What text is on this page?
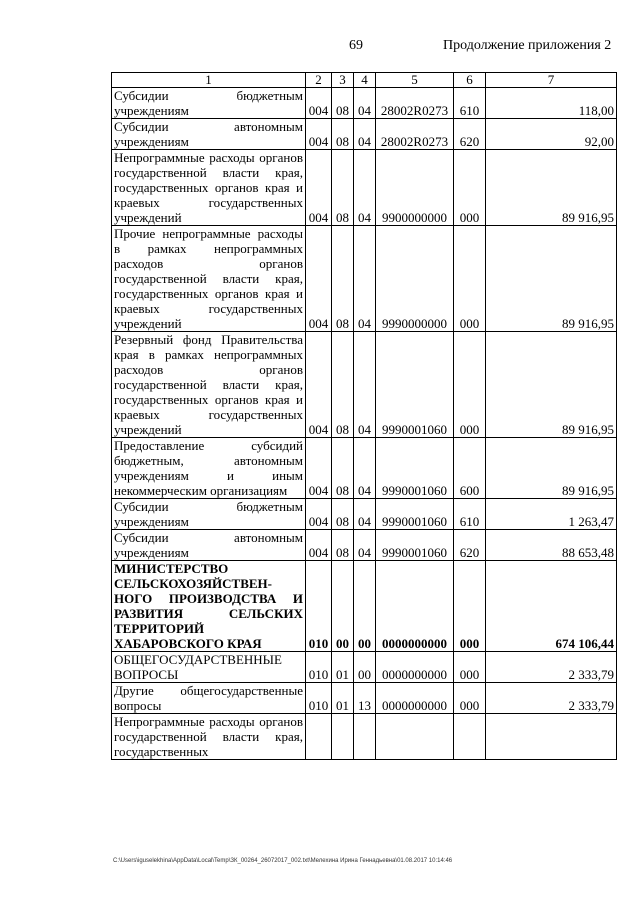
69	Продолжение приложения 2
1	2	3	4	5	6	7
Субсидии бюджетным учреждениям	004	08	04	28002R0273	610	118,00
Субсидии автономным учреждениям	004	08	04	28002R0273	620	92,00
Непрограммные расходы органов государственной власти края, государственных органов края и краевых государственных учреждений	004	08	04	9900000000	000	89 916,95
Прочие непрограммные расходы в рамках непрограммных расходов органов государственной власти края, государственных органов края и краевых государственных учреждений	004	08	04	9990000000	000	89 916,95
Резервный фонд Правительства края в рамках непрограммных расходов органов государственной власти края, государственных органов края и краевых государственных учреждений	004	08	04	9990001060	000	89 916,95
Предоставление субсидий бюджетным, автономным учреждениям и иным некоммерческим организациям	004	08	04	9990001060	600	89 916,95
Субсидии бюджетным учреждениям	004	08	04	9990001060	610	1 263,47
Субсидии автономным учреждениям	004	08	04	9990001060	620	88 653,48
МИНИСТЕРСТВО СЕЛЬСКОХОЗЯЙСТВЕН-НОГО ПРОИЗВОДСТВА И РАЗВИТИЯ СЕЛЬСКИХ ТЕРРИТОРИЙ ХАБАРОВСКОГО КРАЯ	010	00	00	0000000000	000	674 106,44
ОБЩЕГОСУДАРСТВЕННЫЕ ВОПРОСЫ	010	01	00	0000000000	000	2 333,79
Другие общегосударственные вопросы	010	01	13	0000000000	000	2 333,79
Непрограммные расходы органов государственной власти края, государственных						
C:\Users\iguselekhina\AppData\Local\Temp\ЗК_00264_26072017_002.txt\Мелехина Ирина Геннадьевна\01.08.2017 10:14:46
